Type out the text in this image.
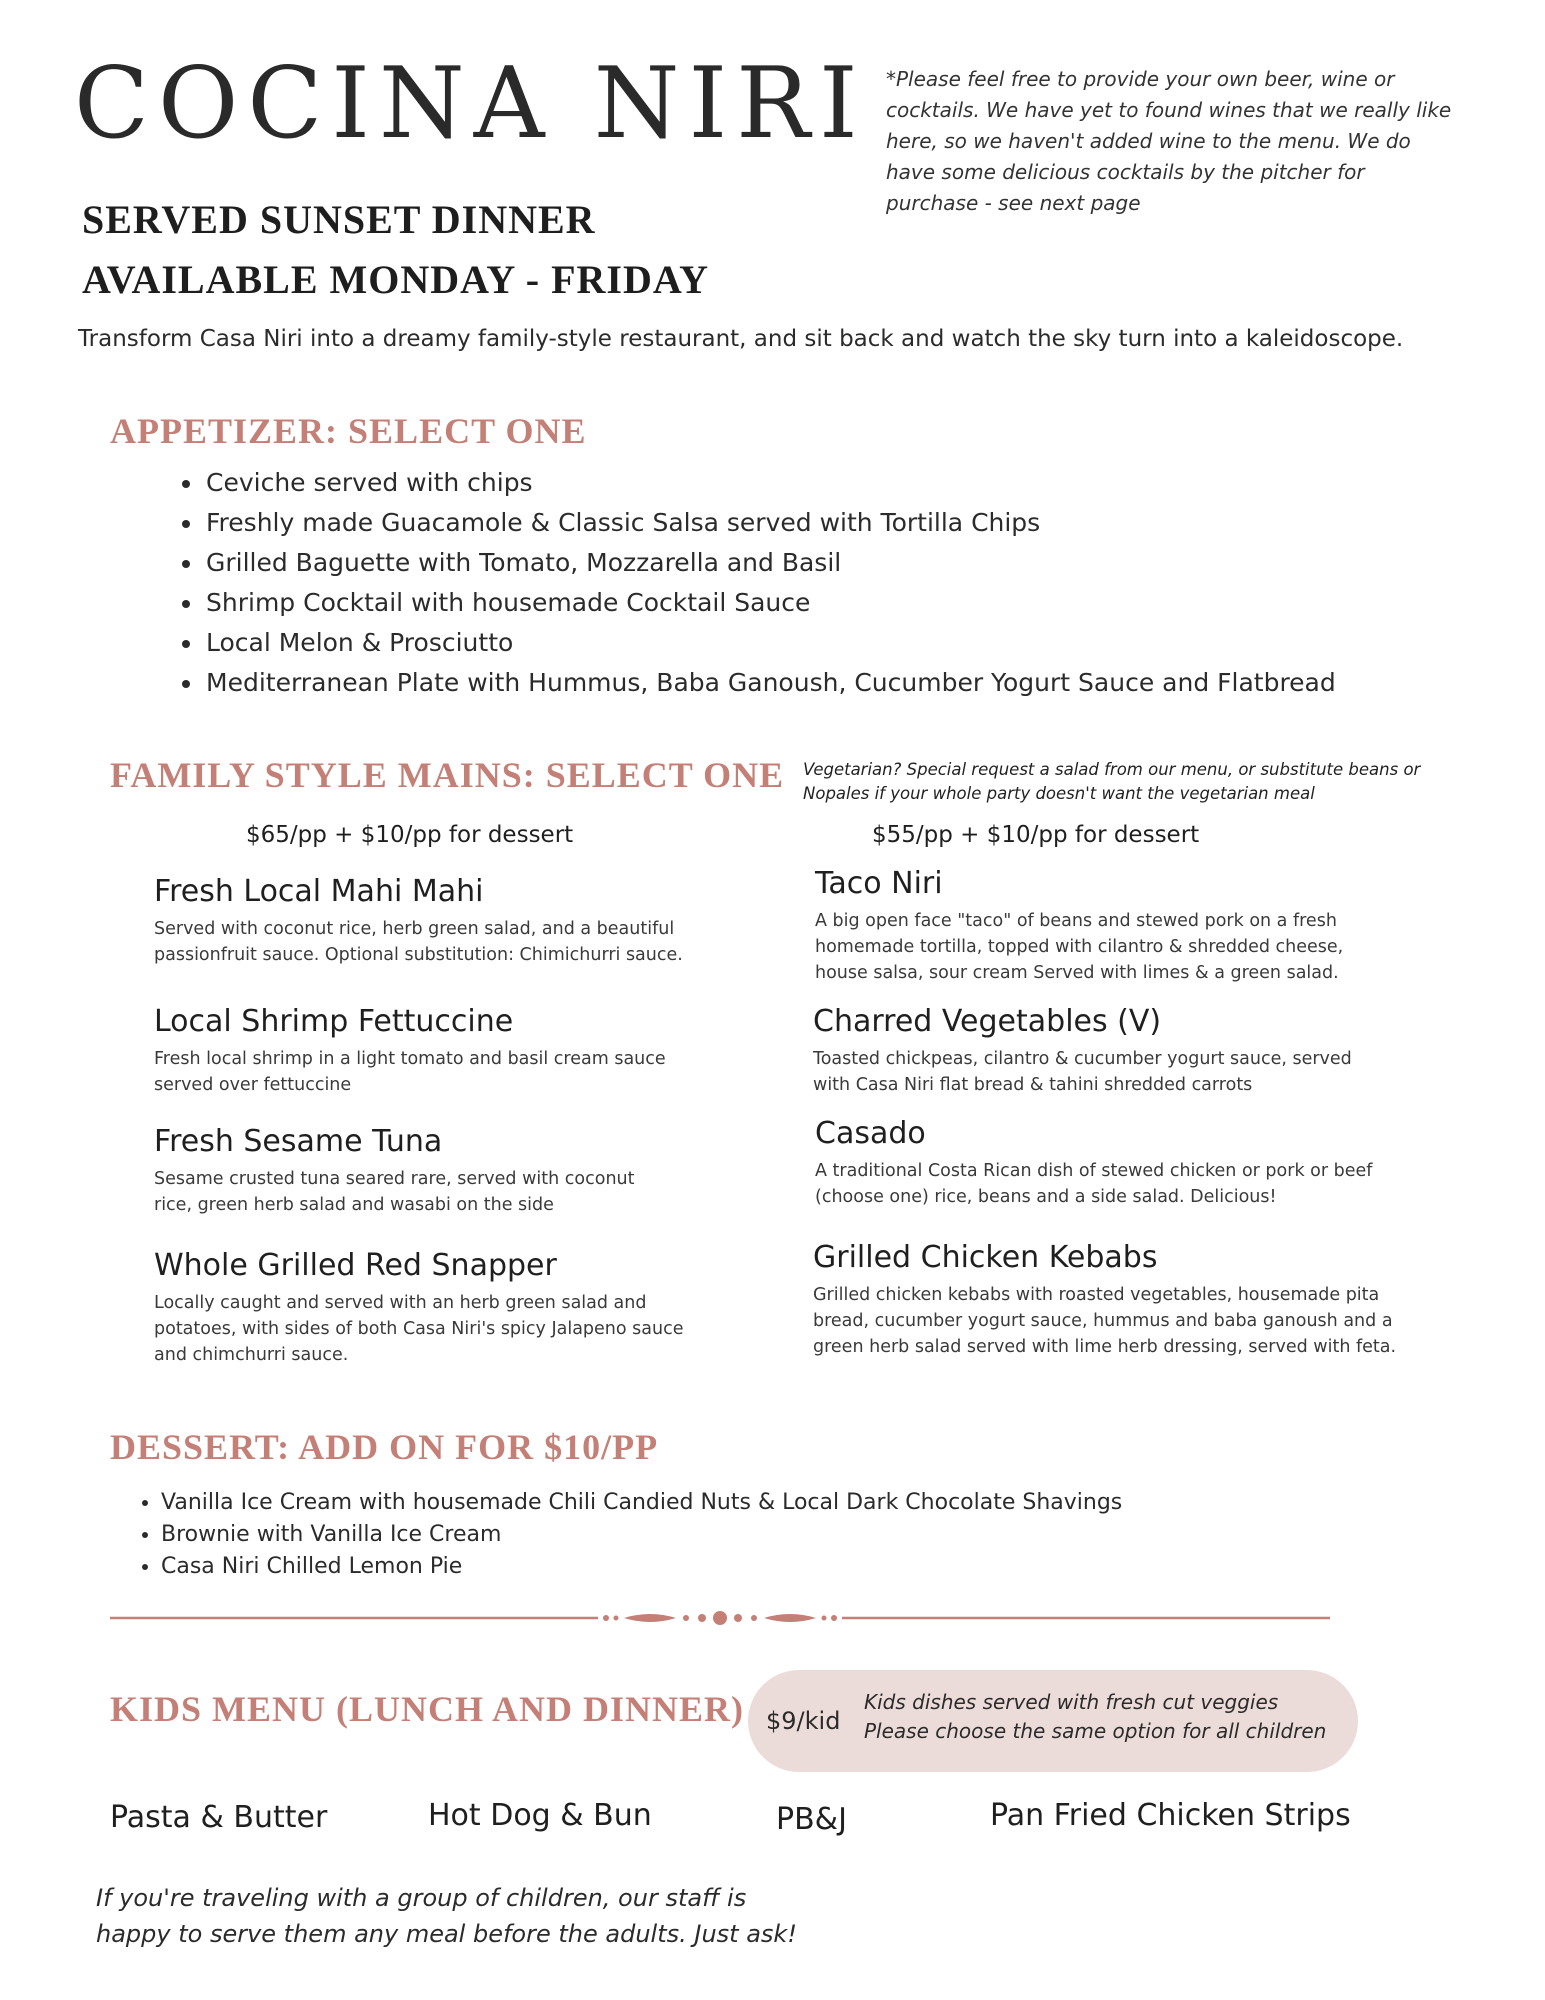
COCINA NIRI *Please feel free to provide your own beer, wine or cocktails. We have yet to found wines that we really like here, so we haven't added wine to the menu. We do have some delicious cocktails by the pitcher for purchase - see next page
SERVED SUNSET DINNER
AVAILABLE MONDAY - FRIDAY
Transform Casa Niri into a dreamy family-style restaurant, and sit back and watch the sky turn into a kaleidoscope.
APPETIZER: SELECT ONE
• Ceviche served with chips
• Freshly made Guacamole & Classic Salsa served with Tortilla Chips
• Grilled Baguette with Tomato, Mozzarella and Basil
• Shrimp Cocktail with housemade Cocktail Sauce
• Local Melon & Prosciutto
• Mediterranean Plate with Hummus, Baba Ganoush, Cucumber Yogurt Sauce and Flatbread
FAMILY STYLE MAINS: SELECT ONE Vegetarian? Special request a salad from our menu, or substitute beans or Nopales if your whole party doesn't want the vegetarian meal
$65/pp + $10/pp for dessert	$55/pp + $10/pp for dessert
Fresh Local Mahi Mahi
Served with coconut rice, herb green salad, and a beautiful passionfruit sauce. Optional substitution: Chimichurri sauce.
Local Shrimp Fettuccine
Fresh local shrimp in a light tomato and basil cream sauce served over fettuccine
Fresh Sesame Tuna
Sesame crusted tuna seared rare, served with coconut rice, green herb salad and wasabi on the side
Whole Grilled Red Snapper
Locally caught and served with an herb green salad and potatoes, with sides of both Casa Niri's spicy Jalapeno sauce and chimchurri sauce.
Taco Niri
A big open face "taco" of beans and stewed pork on a fresh homemade tortilla, topped with cilantro & shredded cheese, house salsa, sour cream Served with limes & a green salad.
Charred Vegetables (V)
Toasted chickpeas, cilantro & cucumber yogurt sauce, served with Casa Niri flat bread & tahini shredded carrots
Casado
A traditional Costa Rican dish of stewed chicken or pork or beef (choose one) rice, beans and a side salad. Delicious!
Grilled Chicken Kebabs
Grilled chicken kebabs with roasted vegetables, housemade pita bread, cucumber yogurt sauce, hummus and baba ganoush and a green herb salad served with lime herb dressing, served with feta.
DESSERT: ADD ON FOR $10/PP
• Vanilla Ice Cream with housemade Chili Candied Nuts & Local Dark Chocolate Shavings
• Brownie with Vanilla Ice Cream
• Casa Niri Chilled Lemon Pie
KIDS MENU (LUNCH AND DINNER) $9/kid
Kids dishes served with fresh cut veggies
Please choose the same option for all children
Pasta & Butter	Hot Dog & Bun	PB&J	Pan Fried Chicken Strips
If you're traveling with a group of children, our staff is happy to serve them any meal before the adults. Just ask!
